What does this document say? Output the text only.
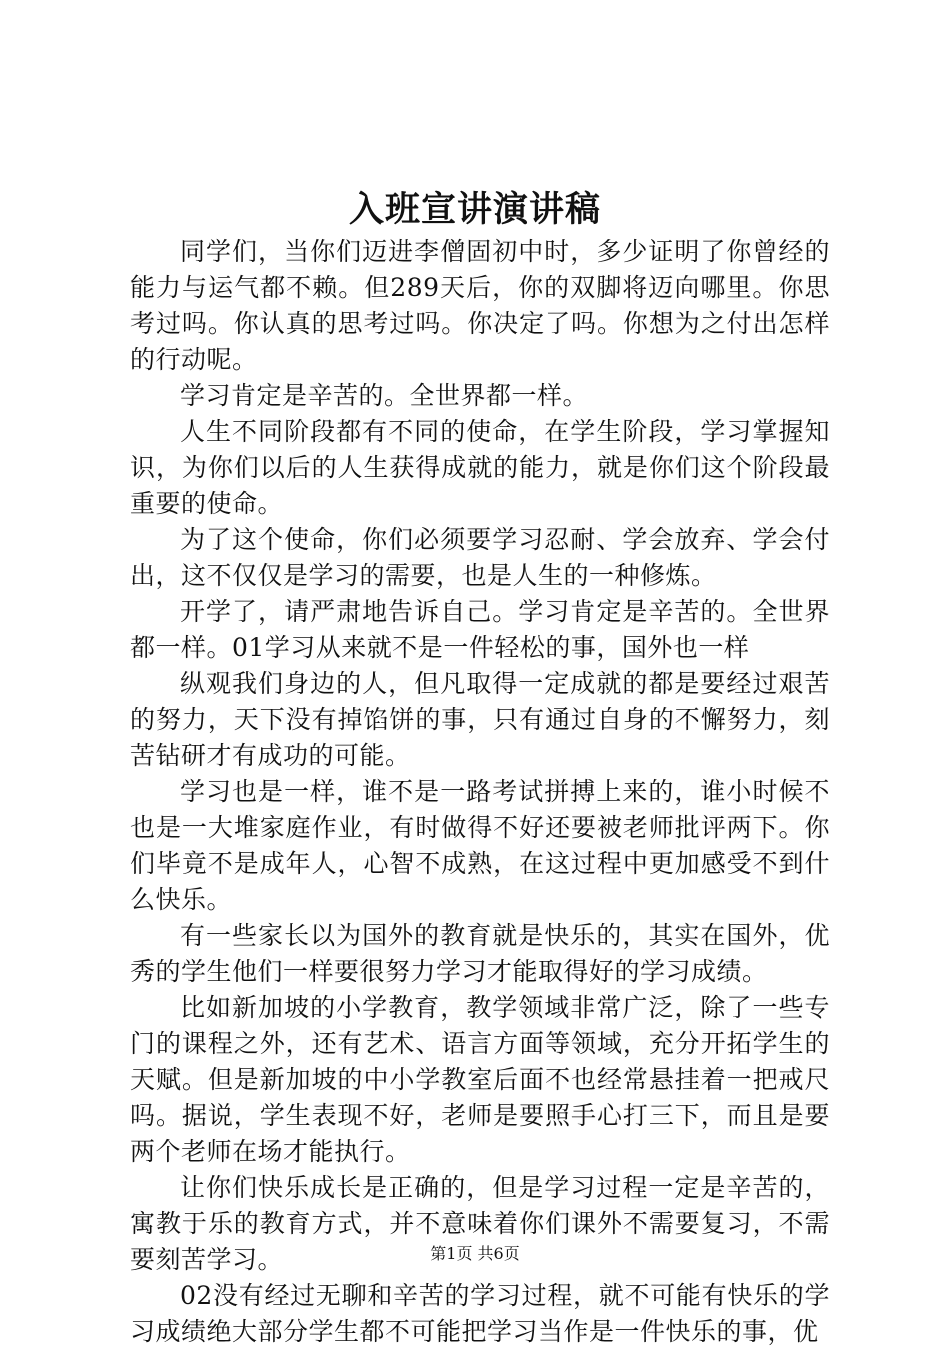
入班宣讲演讲稿

同学们，当你们迈进李僧固初中时，多少证明了你曾经的能力与运气都不赖。但289天后，你的双脚将迈向哪里。你思考过吗。你认真的思考过吗。你决定了吗。你想为之付出怎样的行动呢。

学习肯定是辛苦的。全世界都一样。

人生不同阶段都有不同的使命，在学生阶段，学习掌握知识，为你们以后的人生获得成就的能力，就是你们这个阶段最重要的使命。

为了这个使命，你们必须要学习忍耐、学会放弃、学会付出，这不仅仅是学习的需要，也是人生的一种修炼。

开学了，请严肃地告诉自己。学习肯定是辛苦的。全世界都一样。01学习从来就不是一件轻松的事，国外也一样

纵观我们身边的人，但凡取得一定成就的都是要经过艰苦的努力，天下没有掉馅饼的事，只有通过自身的不懈努力，刻苦钻研才有成功的可能。

学习也是一样，谁不是一路考试拼搏上来的，谁小时候不也是一大堆家庭作业，有时做得不好还要被老师批评两下。你们毕竟不是成年人，心智不成熟，在这过程中更加感受不到什么快乐。

有一些家长以为国外的教育就是快乐的，其实在国外，优秀的学生他们一样要很努力学习才能取得好的学习成绩。

比如新加坡的小学教育，教学领域非常广泛，除了一些专门的课程之外，还有艺术、语言方面等领域，充分开拓学生的天赋。但是新加坡的中小学教室后面不也经常悬挂着一把戒尺吗。据说，学生表现不好，老师是要照手心打三下，而且是要两个老师在场才能执行。

让你们快乐成长是正确的，但是学习过程一定是辛苦的，寓教于乐的教育方式，并不意味着你们课外不需要复习，不需要刻苦学习。

02没有经过无聊和辛苦的学习过程，就不可能有快乐的学习成绩绝大部分学生都不可能把学习当作是一件快乐的事，优

第1页 共6页
